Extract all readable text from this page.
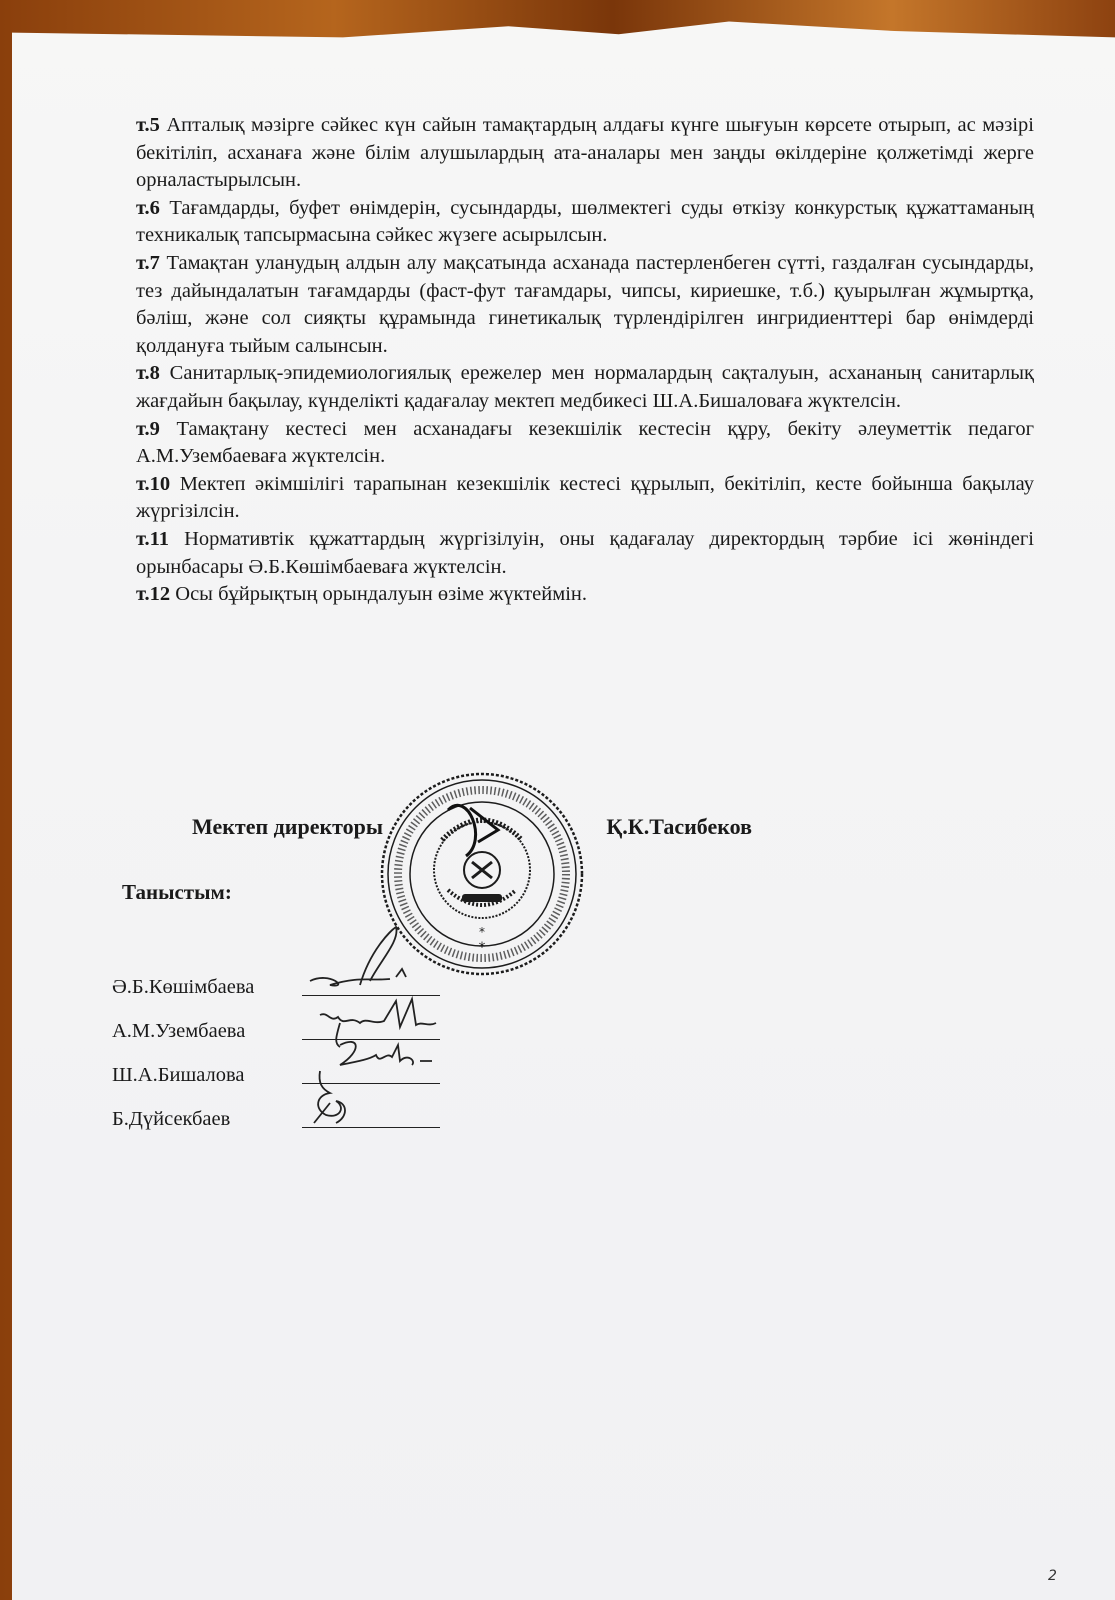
т.5 Апталық мәзірге сәйкес күн сайын тамақтардың алдағы күнге шығуын көрсете отырып, ас мәзірі бекітіліп, асханаға және білім алушылардың ата-аналары мен заңды өкілдеріне қолжетімді жерге орналастырылсын.

т.6 Тағамдарды, буфет өнімдерін, сусындарды, шөлмектегі суды өткізу конкурстық құжаттаманың техникалық тапсырмасына сәйкес жүзеге асырылсын.

т.7 Тамақтан уланудың алдын алу мақсатында асханада пастерленбеген сүтті, газдалған сусындарды, тез дайындалатын тағамдарды (фаст-фут тағамдары, чипсы, кириешке, т.б.) қуырылған жұмыртқа, бәліш, және сол сияқты құрамында гинетикалық түрлендірілген ингридиенттері бар өнімдерді қолдануға тыйым салынсын.

т.8 Санитарлық-эпидемиологиялық ережелер мен нормалардың сақталуын, асхананың санитарлық жағдайын бақылау, күнделікті қадағалау мектеп медбикесі Ш.А.Бишаловаға жүктелсін.

т.9 Тамақтану кестесі мен асханадағы кезекшілік кестесін құру, бекіту әлеуметтік педагог А.М.Узембаеваға жүктелсін.

т.10 Мектеп әкімшілігі тарапынан кезекшілік кестесі құрылып, бекітіліп, кесте бойынша бақылау жүргізілсін.

т.11 Нормативтік құжаттардың жүргізілуін, оны қадағалау директордың тәрбие ісі жөніндегі орынбасары Ә.Б.Көшімбаеваға жүктелсін.

т.12 Осы бұйрықтың орындалуын өзіме жүктеймін.

*
*
Мектеп директоры	Қ.К.Тасибеков
Таныстым:
Ә.Б.Көшімбаева
А.М.Узембаева
Ш.А.Бишалова
Б.Дүйсекбаев
2
